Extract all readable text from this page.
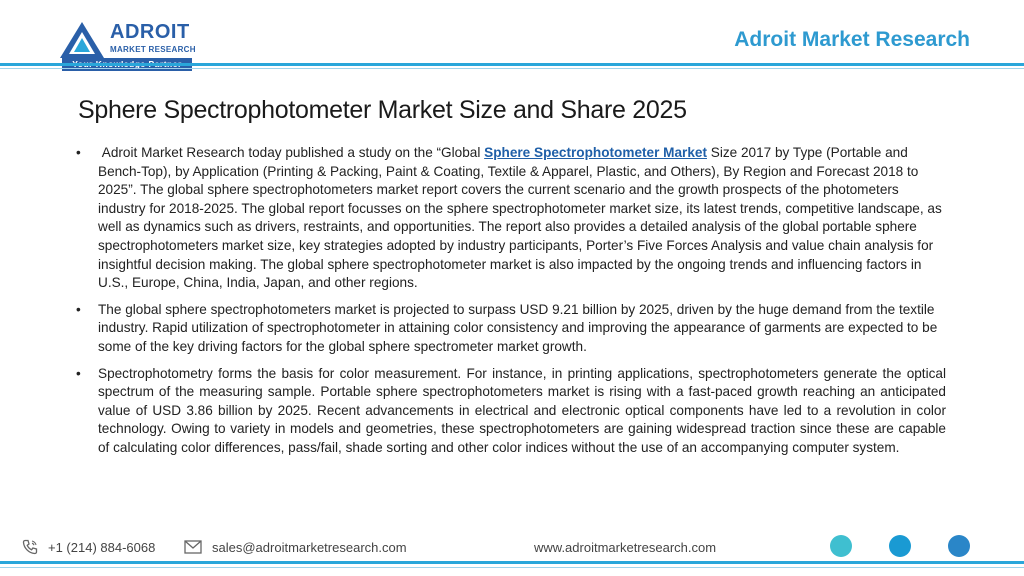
ADROIT
MARKET RESEARCH	Adroit Market Research
Sphere Spectrophotometer Market Size and Share 2025
• Adroit Market Research today published a study on the “Global Sphere Spectrophotometer Market Size 2017 by Type (Portable and Bench-Top), by Application (Printing & Packing, Paint & Coating, Textile & Apparel, Plastic, and Others), By Region and Forecast 2018 to 2025”. The global sphere spectrophotometers market report covers the current scenario and the growth prospects of the photometers industry for 2018-2025. The global report focusses on the sphere spectrophotometer market size, its latest trends, competitive landscape, as well as dynamics such as drivers, restraints, and opportunities. The report also provides a detailed analysis of the global portable sphere spectrophotometers market size, key strategies adopted by industry participants, Porter’s Five Forces Analysis and value chain analysis for insightful decision making. The global sphere spectrophotometer market is also impacted by the ongoing trends and influencing factors in U.S., Europe, China, India, Japan, and other regions.
• The global sphere spectrophotometers market is projected to surpass USD 9.21 billion by 2025, driven by the huge demand from the textile industry. Rapid utilization of spectrophotometer in attaining color consistency and improving the appearance of garments are expected to be some of the key driving factors for the global sphere spectrometer market growth.
• Spectrophotometry forms the basis for color measurement. For instance, in printing applications, spectrophotometers generate the optical spectrum of the measuring sample. Portable sphere spectrophotometers market is rising with a fast-paced growth reaching an anticipated value of USD 3.86 billion by 2025. Recent advancements in electrical and electronic optical components have led to a revolution in color technology. Owing to variety in models and geometries, these spectrophotometers are gaining widespread traction since these are capable of calculating color differences, pass/fail, shade sorting and other color indices without the use of an accompanying computer system.
+1 (214) 884-6068	sales@adroitmarketresearch.com	www.adroitmarketresearch.com
